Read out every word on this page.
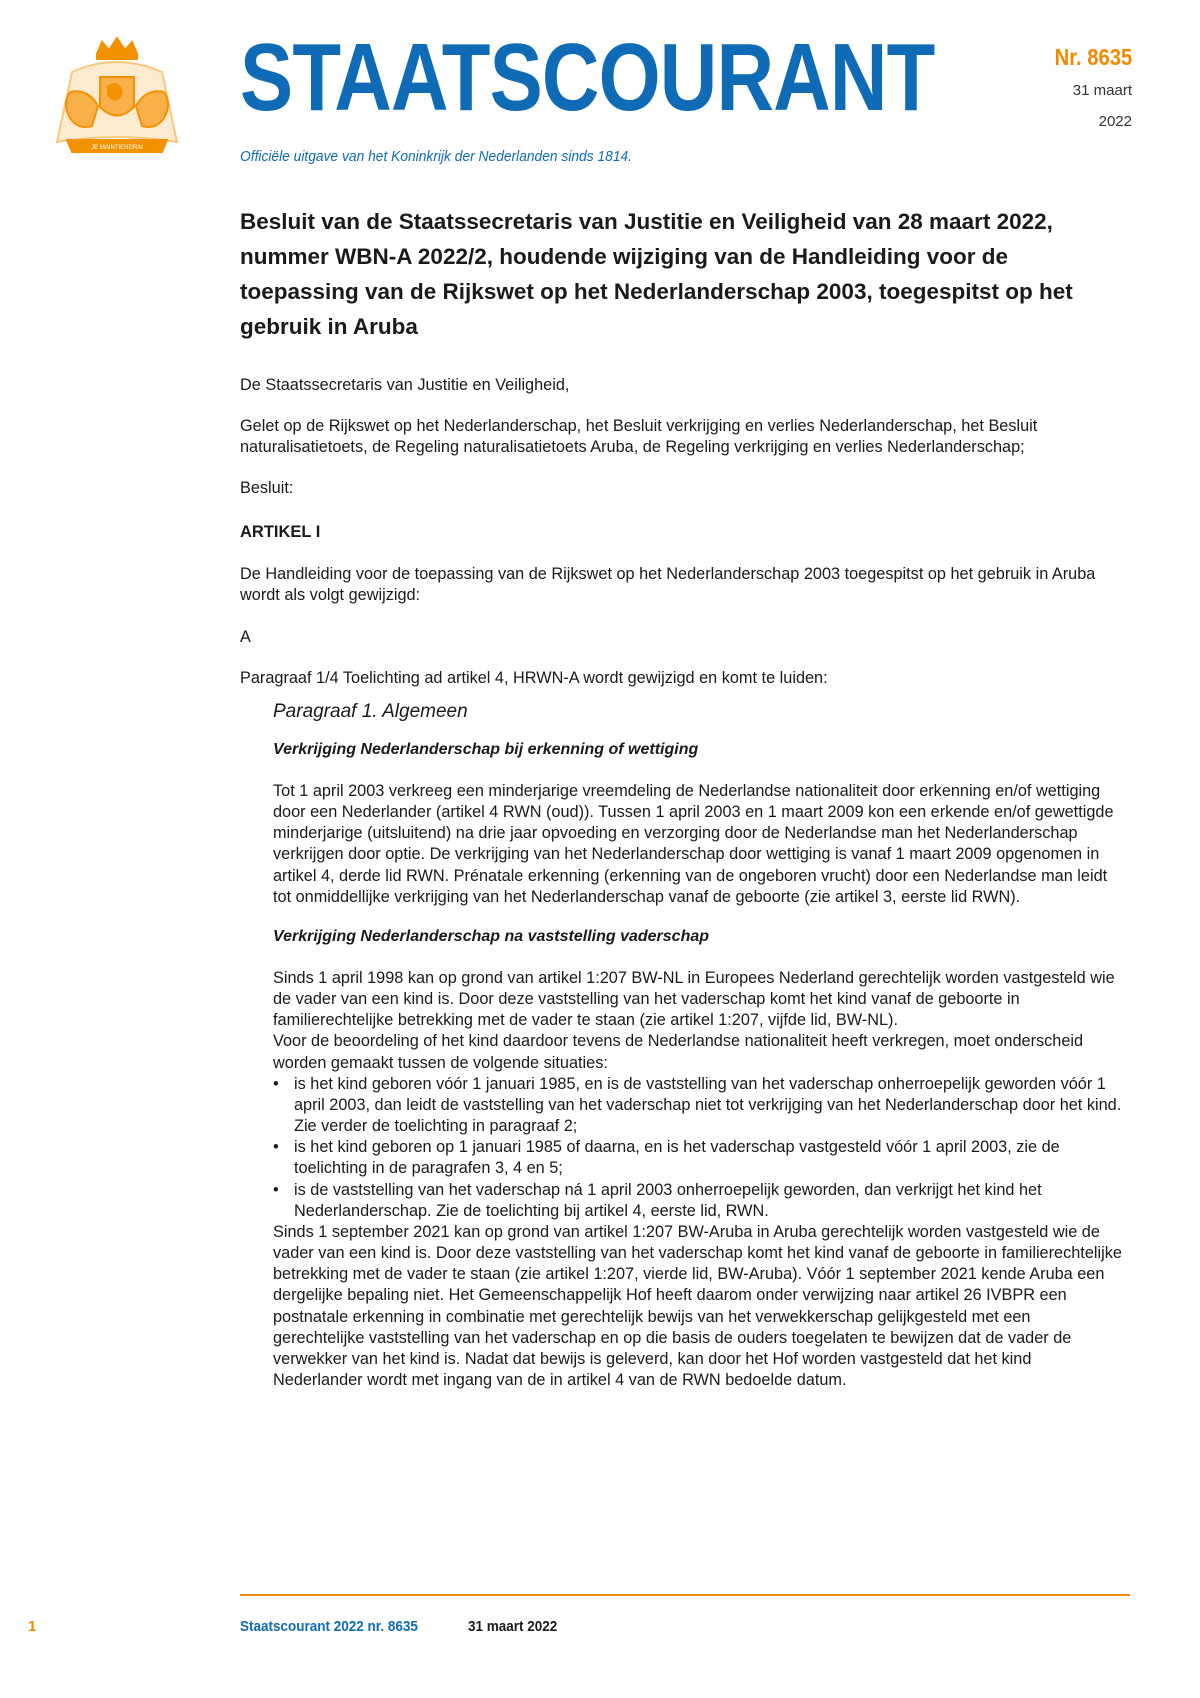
JE MAINTIENDRAI
STAATSCOURANT
Officiële uitgave van het Koninkrijk der Nederlanden sinds 1814.
Nr. 8635
31 maart
2022
Besluit van de Staatssecretaris van Justitie en Veiligheid van 28 maart 2022, nummer WBN-A 2022/2, houdende wijziging van de Handleiding voor de toepassing van de Rijkswet op het Nederlanderschap 2003, toegespitst op het gebruik in Aruba
De Staatssecretaris van Justitie en Veiligheid,
Gelet op de Rijkswet op het Nederlanderschap, het Besluit verkrijging en verlies Nederlanderschap, het Besluit naturalisatietoets, de Regeling naturalisatietoets Aruba, de Regeling verkrijging en verlies Nederlanderschap;
Besluit:
ARTIKEL I
De Handleiding voor de toepassing van de Rijkswet op het Nederlanderschap 2003 toegespitst op het gebruik in Aruba wordt als volgt gewijzigd:
A
Paragraaf 1/4 Toelichting ad artikel 4, HRWN-A wordt gewijzigd en komt te luiden:
Paragraaf 1. Algemeen
Verkrijging Nederlanderschap bij erkenning of wettiging
Tot 1 april 2003 verkreeg een minderjarige vreemdeling de Nederlandse nationaliteit door erkenning en/of wettiging door een Nederlander (artikel 4 RWN (oud)). Tussen 1 april 2003 en 1 maart 2009 kon een erkende en/of gewettigde minderjarige (uitsluitend) na drie jaar opvoeding en verzorging door de Nederlandse man het Nederlanderschap verkrijgen door optie. De verkrijging van het Nederlanderschap door wettiging is vanaf 1 maart 2009 opgenomen in artikel 4, derde lid RWN. Prénatale erkenning (erkenning van de ongeboren vrucht) door een Nederlandse man leidt tot onmiddellijke verkrijging van het Nederlanderschap vanaf de geboorte (zie artikel 3, eerste lid RWN).
Verkrijging Nederlanderschap na vaststelling vaderschap
Sinds 1 april 1998 kan op grond van artikel 1:207 BW-NL in Europees Nederland gerechtelijk worden vastgesteld wie de vader van een kind is. Door deze vaststelling van het vaderschap komt het kind vanaf de geboorte in familierechtelijke betrekking met de vader te staan (zie artikel 1:207, vijfde lid, BW-NL).
Voor de beoordeling of het kind daardoor tevens de Nederlandse nationaliteit heeft verkregen, moet onderscheid worden gemaakt tussen de volgende situaties:
• is het kind geboren vóór 1 januari 1985, en is de vaststelling van het vaderschap onherroepelijk geworden vóór 1 april 2003, dan leidt de vaststelling van het vaderschap niet tot verkrijging van het Nederlanderschap door het kind. Zie verder de toelichting in paragraaf 2;
• is het kind geboren op 1 januari 1985 of daarna, en is het vaderschap vastgesteld vóór 1 april 2003, zie de toelichting in de paragrafen 3, 4 en 5;
• is de vaststelling van het vaderschap ná 1 april 2003 onherroepelijk geworden, dan verkrijgt het kind het Nederlanderschap. Zie de toelichting bij artikel 4, eerste lid, RWN.
Sinds 1 september 2021 kan op grond van artikel 1:207 BW-Aruba in Aruba gerechtelijk worden vastgesteld wie de vader van een kind is. Door deze vaststelling van het vaderschap komt het kind vanaf de geboorte in familierechtelijke betrekking met de vader te staan (zie artikel 1:207, vierde lid, BW-Aruba). Vóór 1 september 2021 kende Aruba een dergelijke bepaling niet. Het Gemeenschappelijk Hof heeft daarom onder verwijzing naar artikel 26 IVBPR een postnatale erkenning in combinatie met gerechtelijk bewijs van het verwekkerschap gelijkgesteld met een gerechtelijke vaststelling van het vaderschap en op die basis de ouders toegelaten te bewijzen dat de vader de verwekker van het kind is. Nadat dat bewijs is geleverd, kan door het Hof worden vastgesteld dat het kind Nederlander wordt met ingang van de in artikel 4 van de RWN bedoelde datum.
1	Staatscourant 2022 nr. 8635	31 maart 2022
